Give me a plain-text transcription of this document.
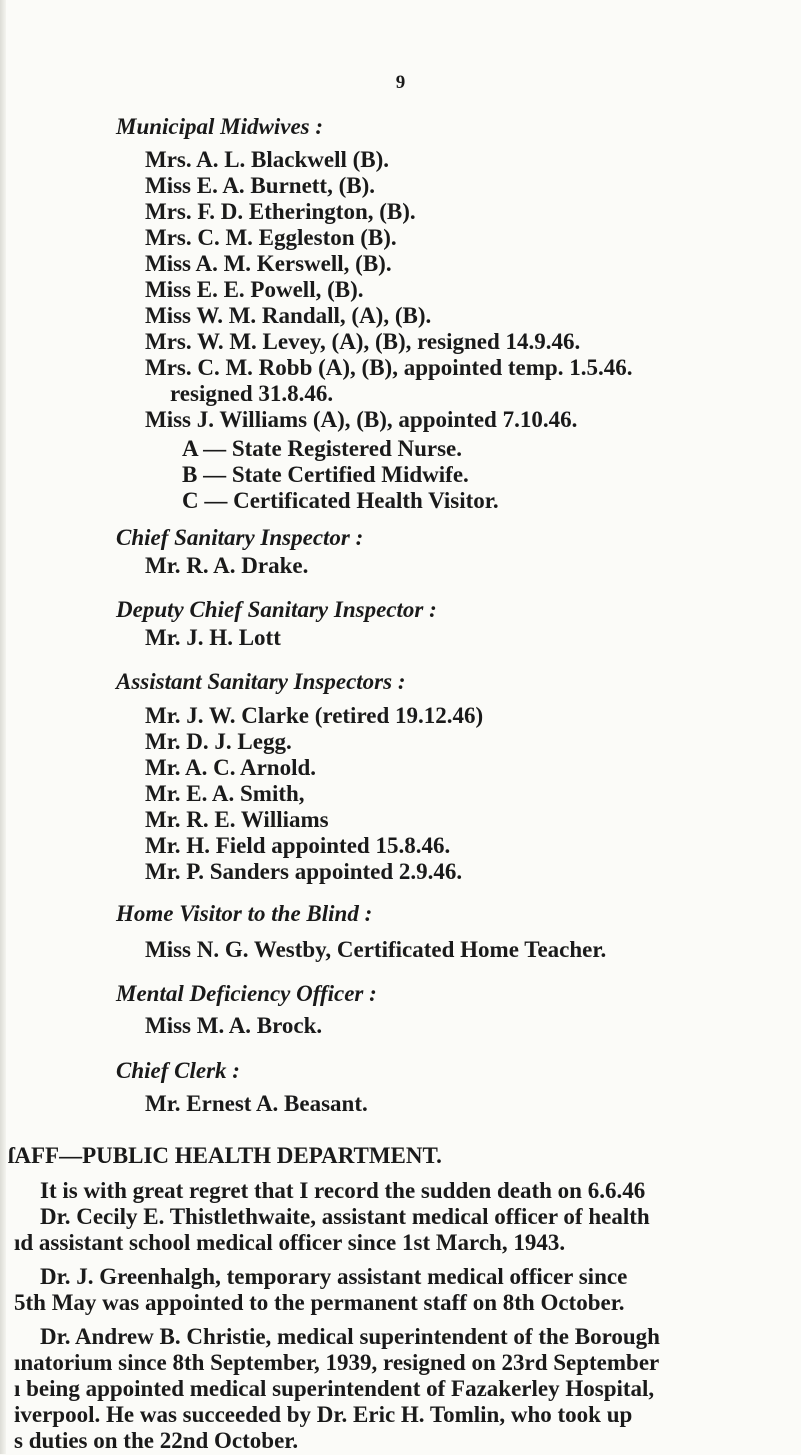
9
Municipal Midwives :
Mrs. A. L. Blackwell (B).
Miss E. A. Burnett, (B).
Mrs. F. D. Etherington, (B).
Mrs. C. M. Eggleston (B).
Miss A. M. Kerswell, (B).
Miss E. E. Powell, (B).
Miss W. M. Randall, (A), (B).
Mrs. W. M. Levey, (A), (B), resigned 14.9.46.
Mrs. C. M. Robb (A), (B), appointed temp. 1.5.46.
resigned 31.8.46.
Miss J. Williams (A), (B), appointed 7.10.46.
A — State Registered Nurse.
B — State Certified Midwife.
C — Certificated Health Visitor.
Chief Sanitary Inspector :
Mr. R. A. Drake.
Deputy Chief Sanitary Inspector :
Mr. J. H. Lott
Assistant Sanitary Inspectors :
Mr. J. W. Clarke (retired 19.12.46)
Mr. D. J. Legg.
Mr. A. C. Arnold.
Mr. E. A. Smith,
Mr. R. E. Williams
Mr. H. Field appointed 15.8.46.
Mr. P. Sanders appointed 2.9.46.
Home Visitor to the Blind :
Miss N. G. Westby, Certificated Home Teacher.
Mental Deficiency Officer :
Miss M. A. Brock.
Chief Clerk :
Mr. Ernest A. Beasant.
ſAFF—PUBLIC HEALTH DEPARTMENT.
It is with great regret that I record the sudden death on 6.6.46
Dr. Cecily E. Thistlethwaite, assistant medical officer of health
ıd assistant school medical officer since 1st March, 1943.
Dr. J. Greenhalgh, temporary assistant medical officer since
5th May was appointed to the permanent staff on 8th October.
Dr. Andrew B. Christie, medical superintendent of the Borough
ınatorium since 8th September, 1939, resigned on 23rd September
ı being appointed medical superintendent of Fazakerley Hospital,
iverpool. He was succeeded by Dr. Eric H. Tomlin, who took up
s duties on the 22nd October.
